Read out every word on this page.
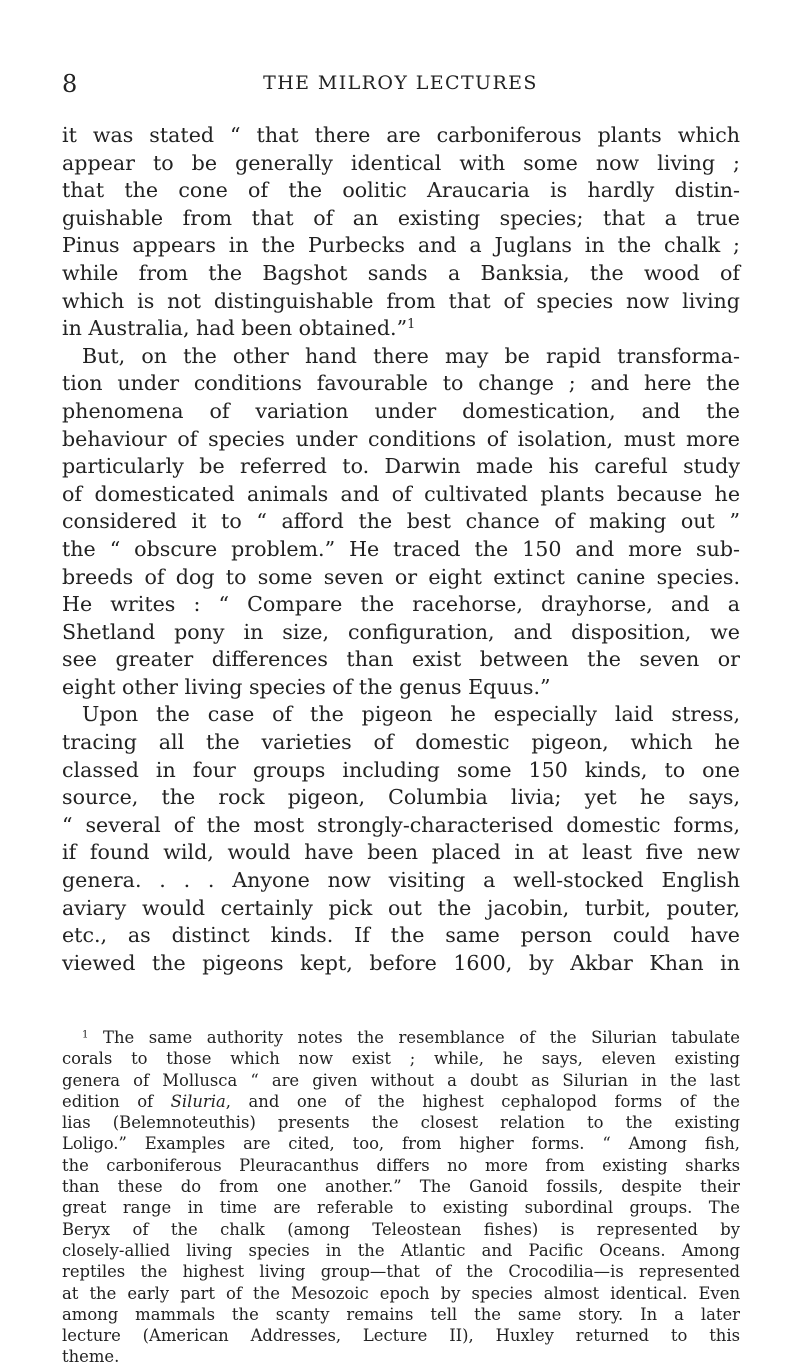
8	THE MILROY LECTURES
it was stated “ that there are carboniferous plants which
appear to be generally identical with some now living ;
that the cone of the oolitic Araucaria is hardly distin-
guishable from that of an existing species; that a true
Pinus appears in the Purbecks and a Juglans in the chalk ;
while from the Bagshot sands a Banksia, the wood of
which is not distinguishable from that of species now living
in Australia, had been obtained.”$^1$
But, on the other hand there may be rapid transforma-
tion under conditions favourable to change ; and here the
phenomena of variation under domestication, and the
behaviour of species under conditions of isolation, must more
particularly be referred to. Darwin made his careful study
of domesticated animals and of cultivated plants because he
considered it to “ afford the best chance of making out ”
the “ obscure problem.” He traced the 150 and more sub-
breeds of dog to some seven or eight extinct canine species.
He writes : “ Compare the racehorse, drayhorse, and a
Shetland pony in size, configuration, and disposition, we
see greater differences than exist between the seven or
eight other living species of the genus Equus.”
Upon the case of the pigeon he especially laid stress,
tracing all the varieties of domestic pigeon, which he
classed in four groups including some 150 kinds, to one
source, the rock pigeon, Columbia livia; yet he says,
“ several of the most strongly-characterised domestic forms,
if found wild, would have been placed in at least five new
genera. . . . Anyone now visiting a well-stocked English
aviary would certainly pick out the jacobin, turbit, pouter,
etc., as distinct kinds. If the same person could have
viewed the pigeons kept, before 1600, by Akbar Khan in
$^1$ The same authority notes the resemblance of the Silurian tabulate
corals to those which now exist ; while, he says, eleven existing
genera of Mollusca “ are given without a doubt as Silurian in the last
edition of Siluria, and one of the highest cephalopod forms of the
lias (Belemnoteuthis) presents the closest relation to the existing
Loligo.” Examples are cited, too, from higher forms. “ Among fish,
the carboniferous Pleuracanthus differs no more from existing sharks
than these do from one another.” The Ganoid fossils, despite their
great range in time are referable to existing subordinal groups. The
Beryx of the chalk (among Teleostean fishes) is represented by
closely-allied living species in the Atlantic and Pacific Oceans. Among
reptiles the highest living group—that of the Crocodilia—is represented
at the early part of the Mesozoic epoch by species almost identical. Even
among mammals the scanty remains tell the same story. In a later
lecture (American Addresses, Lecture II), Huxley returned to this
theme.
